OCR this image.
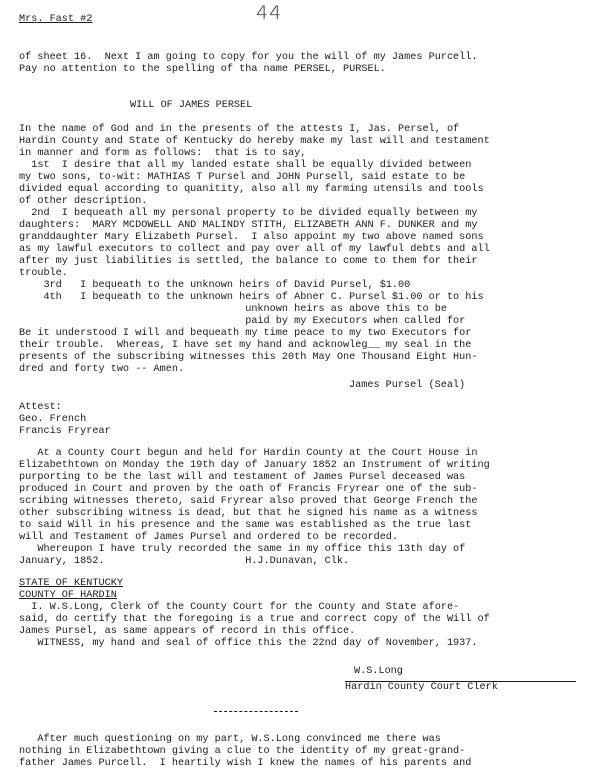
Mrs. Fast #2	44
of sheet 16.  Next I am going to copy for you the will of my James Purcell.
Pay no attention to the spelling of tha name PERSEL, PURSEL.
WILL OF JAMES PERSEL
In the name of God and in the presents of the attests I, Jas. Persel, of
Hardin County and State of Kentucky do hereby make my last will and testament
in manner and form as follows:  that is to say,
1st  I desire that all my landed estate shall be equally divided between
my two sons, to-wit: MATHIAS T Pursel and JOHN Pursell, said estate to be
divided equal according to quanitity, also all my farming utensils and tools
of other description.
2nd  I bequeath all my personal property to be divided equally between my
daughters:  MARY MCDOWELL AND MALINDY STITH, ELIZABETH ANN F. DUNKER and my
granddaughter Mary Elizabeth Pursel.  I also appoint my two above named sons
as my lawful executors to collect and pay over all of my lawful debts and all
after my just liabilities is settled, the balance to come to them for their
trouble.
3rd   I bequeath to the unknown heirs of David Pursel, $1.00
4th   I bequeath to the unknown heirs of Abner C. Pursel $1.00 or to his
unknown heirs as above this to be
paid by my Executors when called for
Be it understood I will and bequeath my time peace to my two Executors for
their trouble.  Whereas, I have set my hand and acknowleg__ my seal in the
presents of the subscribing witnesses this 20th May One Thousand Eight Hun-
dred and forty two -- Amen.
James Pursel (Seal)
Attest:
Geo. French
Francis Fryrear
At a County Court begun and held for Hardin County at the Court House in
Elizabethtown on Monday the 19th day of January 1852 an Instrument of writing
purporting to be the last will and testament of James Pursel deceased was
produced in Court and proven by the oath of Francis Fryrear one of the sub-
scribing witnesses thereto, said Fryrear also proved that George French the
other subscribing witness is dead, but that he signed his name as a witness
to said Will in his presence and the same was established as the true last
will and Testament of James Pursel and ordered to be recorded.
Whereupon I have truly recorded the same in my office this 13th day of
January, 1852.                       H.J.Dunavan, Clk.
STATE OF KENTUCKY
COUNTY OF HARDIN
I. W.S.Long, Clerk of the County Court for the County and State afore-
said, do certify that the foregoing is a true and correct copy of the Will of
James Pursel, as same appears of record in this office.
WITNESS, my hand and seal of office this the 22nd day of November, 1937.
W.S.Long
Hardin County Court Clerk
After much questioning on my part, W.S.Long convinced me there was
nothing in Elizabethtown giving a clue to the identity of my great-grand-
father James Purcell.  I heartily wish I knew the names of his parents and
